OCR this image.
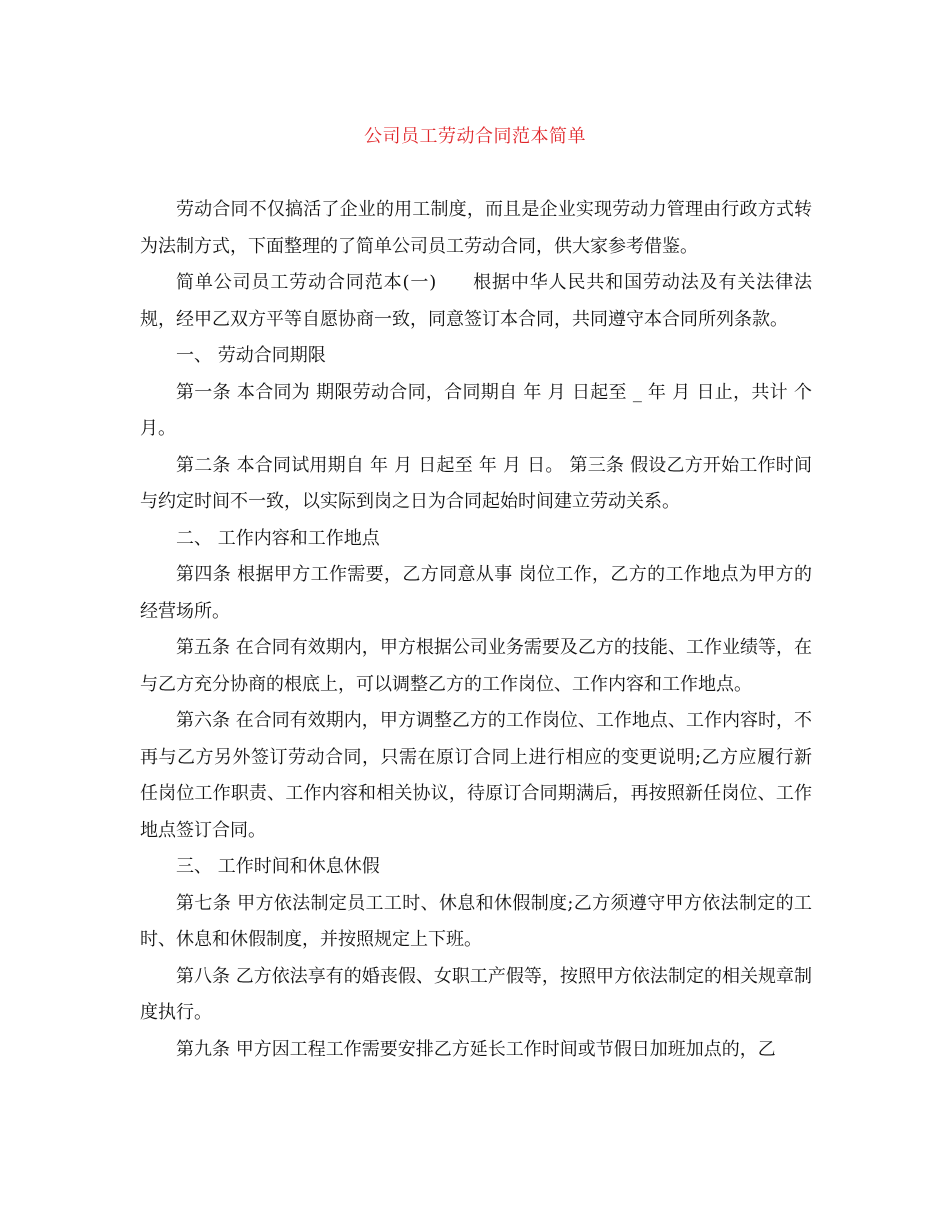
公司员工劳动合同范本简单

劳动合同不仅搞活了企业的用工制度，而且是企业实现劳动力管理由行政方式转为法制方式，下面整理的了简单公司员工劳动合同，供大家参考借鉴。

简单公司员工劳动合同范本(一) 根据中华人民共和国劳动法及有关法律法规，经甲乙双方平等自愿协商一致，同意签订本合同，共同遵守本合同所列条款。

一、 劳动合同期限

第一条 本合同为 期限劳动合同，合同期自 年 月 日起至 _ 年 月 日止，共计 个月。

第二条 本合同试用期自 年 月 日起至 年 月 日。 第三条 假设乙方开始工作时间与约定时间不一致，以实际到岗之日为合同起始时间建立劳动关系。

二、 工作内容和工作地点

第四条 根据甲方工作需要，乙方同意从事 岗位工作，乙方的工作地点为甲方的经营场所。

第五条 在合同有效期内，甲方根据公司业务需要及乙方的技能、工作业绩等，在与乙方充分协商的根底上，可以调整乙方的工作岗位、工作内容和工作地点。

第六条 在合同有效期内，甲方调整乙方的工作岗位、工作地点、工作内容时，不再与乙方另外签订劳动合同，只需在原订合同上进行相应的变更说明;乙方应履行新任岗位工作职责、工作内容和相关协议，待原订合同期满后，再按照新任岗位、工作地点签订合同。

三、 工作时间和休息休假

第七条 甲方依法制定员工工时、休息和休假制度;乙方须遵守甲方依法制定的工时、休息和休假制度，并按照规定上下班。

第八条 乙方依法享有的婚丧假、女职工产假等，按照甲方依法制定的相关规章制度执行。

第九条 甲方因工程工作需要安排乙方延长工作时间或节假日加班加点的，乙
